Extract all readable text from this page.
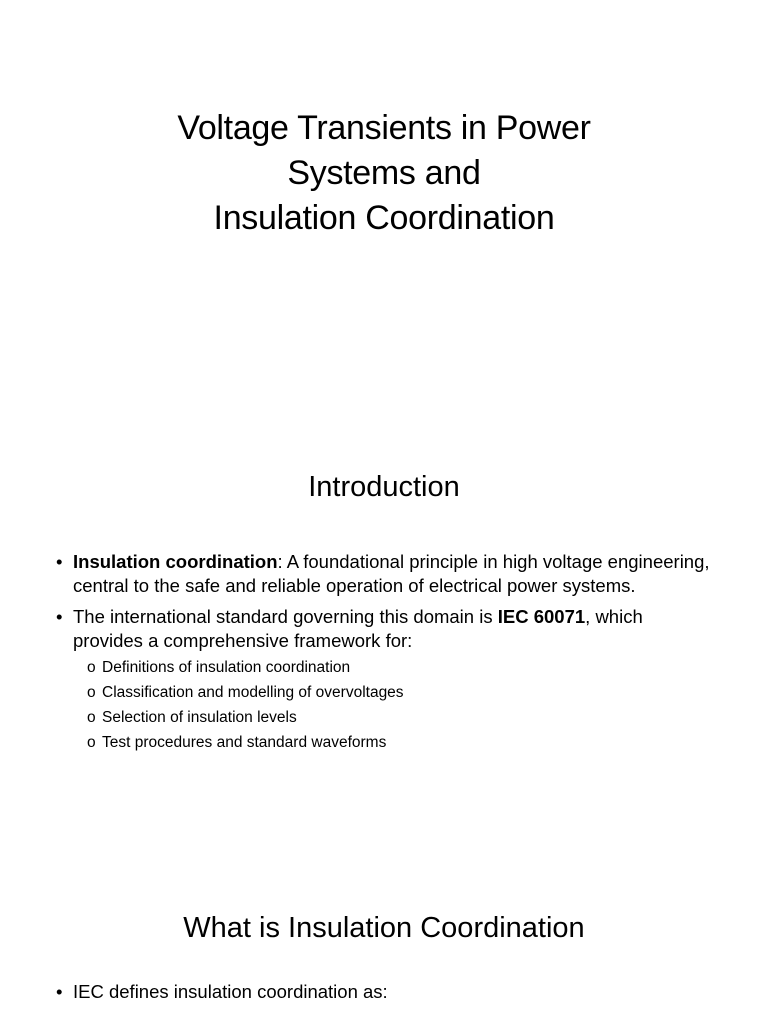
Voltage Transients in Power

Systems and

Insulation Coordination

Introduction
• Insulation coordination: A foundational principle in high voltage engineering, central to the safe and reliable operation of electrical power systems.
• The international standard governing this domain is IEC 60071, which provides a comprehensive framework for:
o Definitions of insulation coordination
o Classification and modelling of overvoltages
o Selection of insulation levels
o Test procedures and standard waveforms
What is Insulation Coordination
• IEC defines insulation coordination as:
